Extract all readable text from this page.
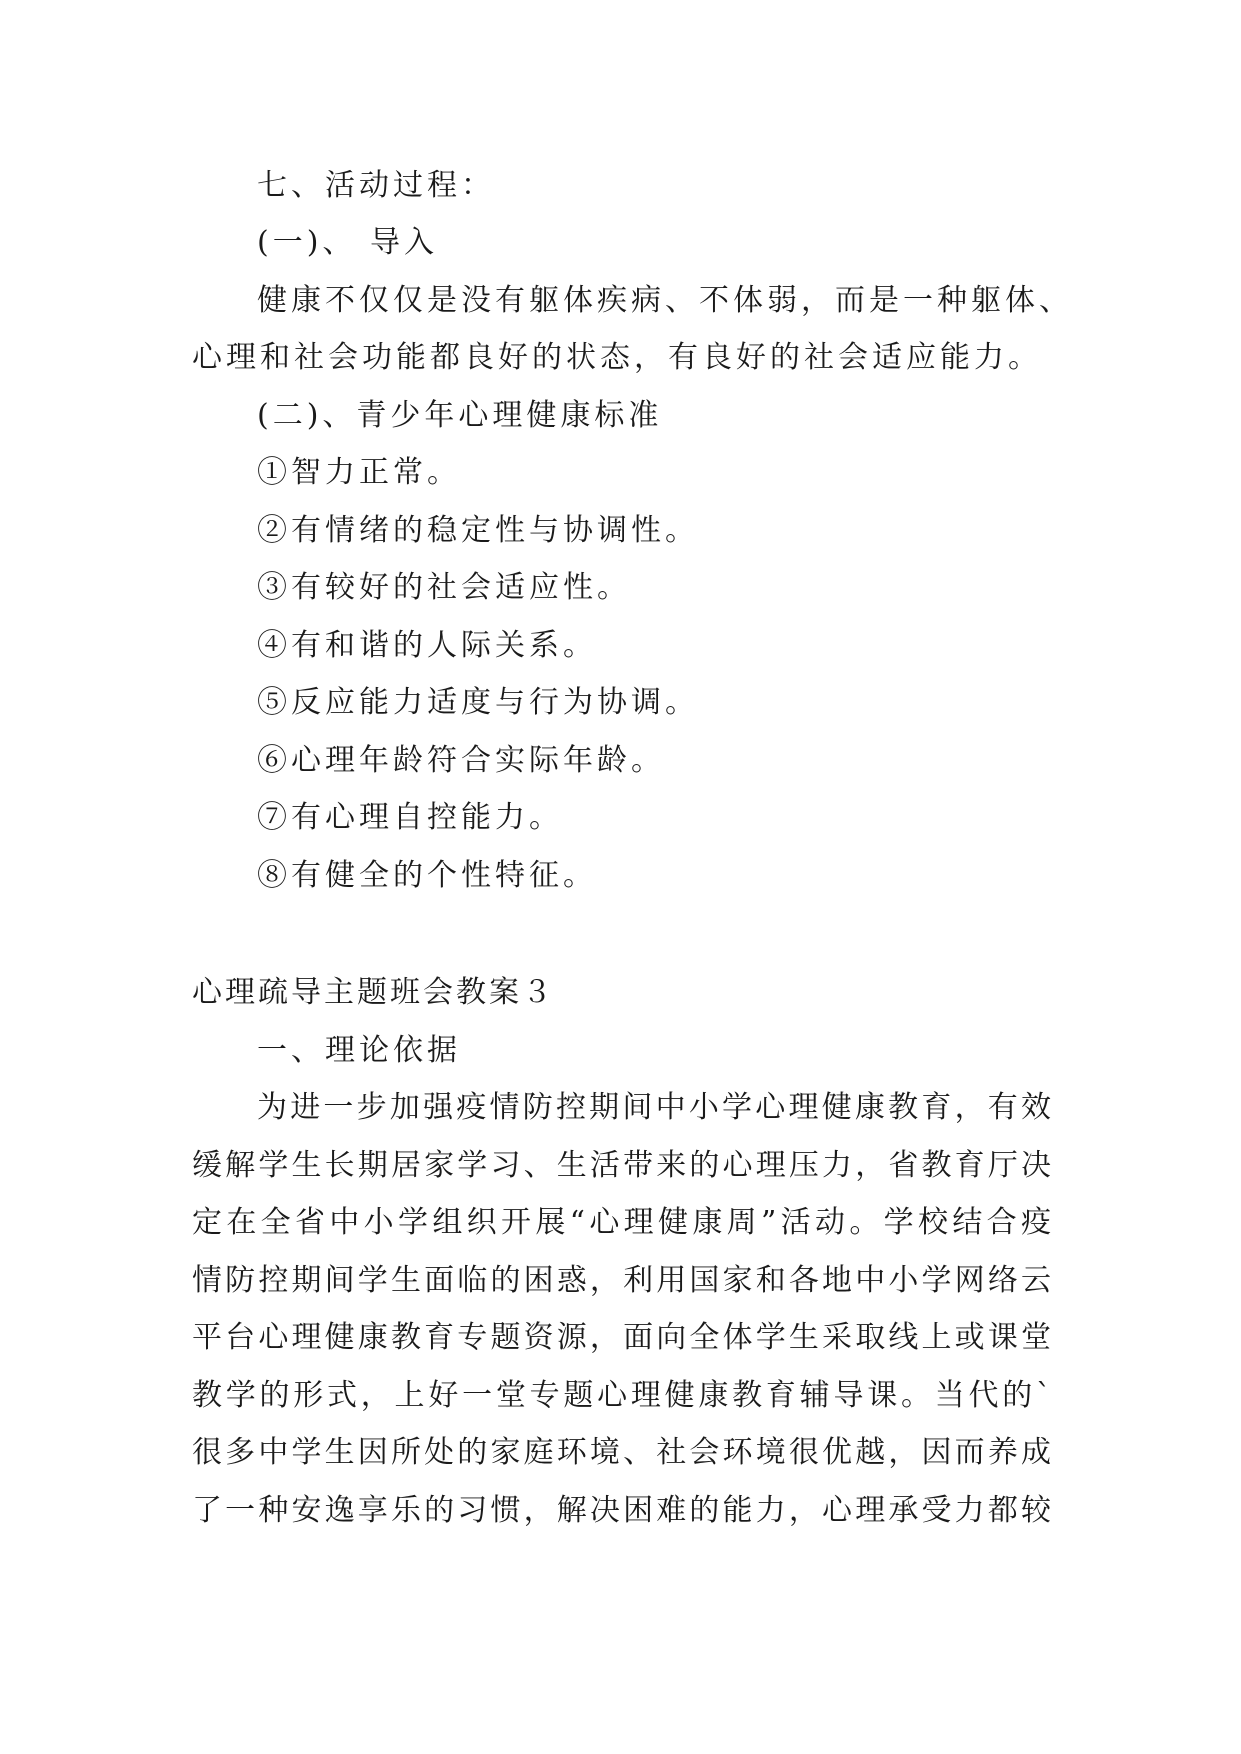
七、活动过程：
(一)、 导入
健康不仅仅是没有躯体疾病、不体弱，而是一种躯体、
心理和社会功能都良好的状态，有良好的社会适应能力。
(二)、青少年心理健康标准
①智力正常。
②有情绪的稳定性与协调性。
③有较好的社会适应性。
④有和谐的人际关系。
⑤反应能力适度与行为协调。
⑥心理年龄符合实际年龄。
⑦有心理自控能力。
⑧有健全的个性特征。
心理疏导主题班会教案３
一、理论依据
为进一步加强疫情防控期间中小学心理健康教育，有效
缓解学生长期居家学习、生活带来的心理压力，省教育厅决
定在全省中小学组织开展“心理健康周”活动。学校结合疫
情防控期间学生面临的困惑，利用国家和各地中小学网络云
平台心理健康教育专题资源，面向全体学生采取线上或课堂
教学的形式，上好一堂专题心理健康教育辅导课。当代的`
很多中学生因所处的家庭环境、社会环境很优越，因而养成
了一种安逸享乐的习惯，解决困难的能力，心理承受力都较
